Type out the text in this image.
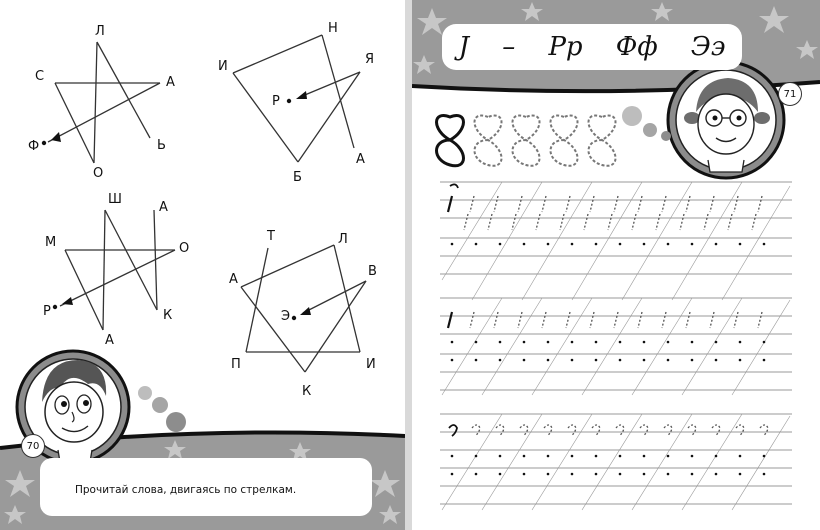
Л
С	А
Ф	Ь
О
Н
И	Я
Р
А
Б
Ш
А
М	О
Р	К
А
Т	Л
А
В
Э
П	И
К
70
Прочитай слова, двигаясь по стрелкам.
Ј – Рр Фф Ээ
71
